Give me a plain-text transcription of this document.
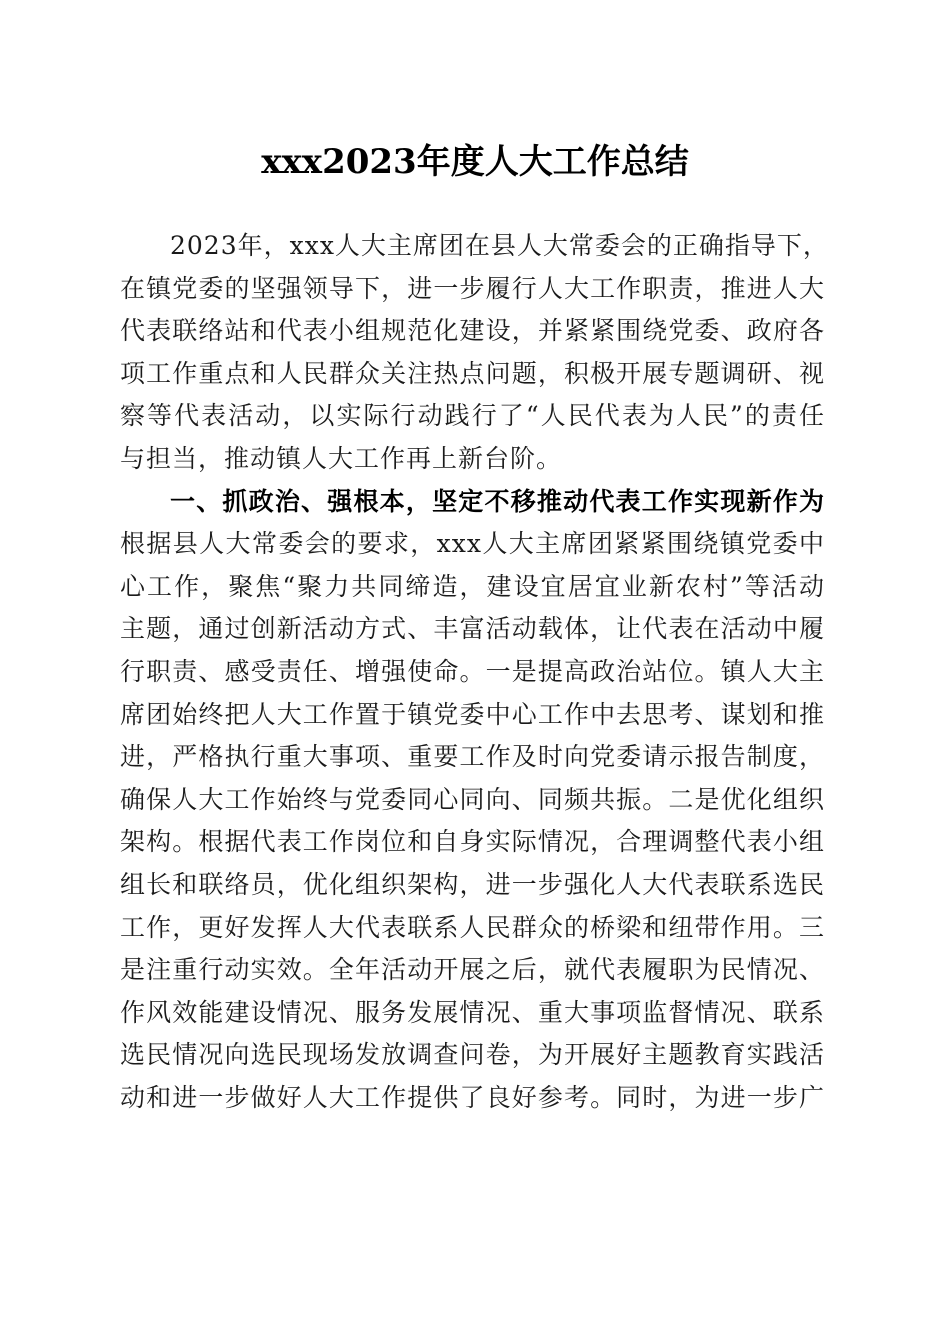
xxx2023年度人大工作总结
2023年，xxx人大主席团在县人大常委会的正确指导下，
在镇党委的坚强领导下，进一步履行人大工作职责，推进人大
代表联络站和代表小组规范化建设，并紧紧围绕党委、政府各
项工作重点和人民群众关注热点问题，积极开展专题调研、视
察等代表活动，以实际行动践行了“人民代表为人民”的责任
与担当，推动镇人大工作再上新台阶。
一、抓政治、强根本，坚定不移推动代表工作实现新作为
根据县人大常委会的要求，xxx人大主席团紧紧围绕镇党委中
心工作，聚焦“聚力共同缔造，建设宜居宜业新农村”等活动
主题，通过创新活动方式、丰富活动载体，让代表在活动中履
行职责、感受责任、增强使命。一是提高政治站位。镇人大主
席团始终把人大工作置于镇党委中心工作中去思考、谋划和推
进，严格执行重大事项、重要工作及时向党委请示报告制度，
确保人大工作始终与党委同心同向、同频共振。二是优化组织
架构。根据代表工作岗位和自身实际情况，合理调整代表小组
组长和联络员，优化组织架构，进一步强化人大代表联系选民
工作，更好发挥人大代表联系人民群众的桥梁和纽带作用。三
是注重行动实效。全年活动开展之后，就代表履职为民情况、
作风效能建设情况、服务发展情况、重大事项监督情况、联系
选民情况向选民现场发放调查问卷，为开展好主题教育实践活
动和进一步做好人大工作提供了良好参考。同时，为进一步广
